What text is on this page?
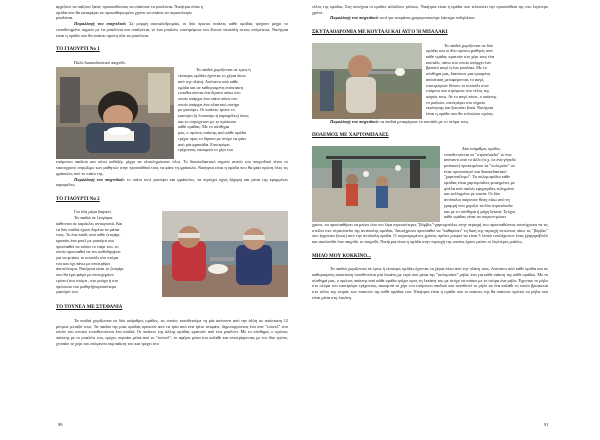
αρχίζουν να παίζουν ξανά, προσπαθώντας να σπάσουν τα μπαλόνια. Νικήτρια είναι η

ομάδα που θα καταφέρει σε προκαθορισμένο χρόνο να σπάσει τα περισσότερα

μπαλόνια.

Παραλλαγή του παιχνιδιού: Σε μορφή σκυταλοδρομίας, οι δύο πρώτοι παίκτες κάθε ομάδας τρέχουν μέχρι το τοποθετημένο σημείο με τα μπαλόνια και σπάζοντας το ένα μπαλόνι επιστρέφουν και δίνουν σκυτάλη στους επόμενους. Νικήτρια είναι η ομάδα που θα σπάσει πρώτη όλα τα μπαλόνια.

ΤΟ ΓΙΑΟΥΡΤΙ Νο 1

Πολύ διασκεδαστικό παιχνίδι.

Τα παιδιά χωρίζονται σε τρεις ή

τέσσερις ομάδες έχοντας το χέρια πίσω

από την πλάτη. Απέναντι από κάθε

ομάδα και σε καθορισμένη απόσταση

τοποθετούνται ένα δίρανο πάνω στο

οποίο υπάρχει ένα πιάτο πάνω στο

οποίο υπάρχει ένα πλαστικό ποτήρι

με γιαούρτι. Οι παίκτες τρώνε το

γιαούρτι (ή λουκούμι ή καραμέλες) όπως

και το σπρώχνουν με το πρόσωπο

κάθε ομάδας. Με το σύνθημα

μας, ο πρώτος παίκτης από κάθε ομάδα

τρέχει προς το δίρανο με στόχο να φάει

από μία φρασάδα. Επιστρέφει

τρέχοντας, ακουμπά το χέρι του

επόμενου παιδιού και ούτω καθεξής μέχρι να ολοκληρώσουν όλοι. Το διασκεδαστικό σημείο αυτού του παιχνιδιού είναι το ταυτόχρονο σπρώξιμο των μαθητών στην προσπάθειά τους να φάνε τη φράουλα. Νικήτρια είναι η ομάδα που θα φάει πρώτη όλες τις φράουλες από το πιάτο της.

Παραλλαγή του παιχνιδιού: το πιάτο αντί γιαούρτι και φράουλες, να περιέχει άχνη ζάχαρη και μέσα της κρυμμένες καραμέλες.

ΤΟ ΓΙΑΟΥΡΤΙ Νο 2

Για όλη μέρα διαρκεί.

Τα παιδιά σε ζευγάρια

κάθονται σε καρέκλες αντικριστά. Και

τα δύο παιδιά έχουν δεμένα τα μάτια

τους. Το ένα παιδί, από κάθε ζευγάρι,

κρατάει ένα μπολ με γιαούρτι και

προσπαθεί να ταΐσει το ταίρι του, το

οποίο προσπαθεί να τον καθοδηγήσει

για να φτάσει το κουτάλι στο στόμα

του και όχι πάνω με επιστρέψει

αποτέλεσμα. Νικήτρια είναι το ζευγάρι

που θα έχει φάγει με επιτυχημένο

τρόπο (στο στόμα , στο ρούχο ή στο

πρόσωπο του μαθητή)περισσότερο

γιαούρτι του.

ΤΟ ΤΟΥΝΕΛ ΜΕ ΣΤΕΦΑΝΙΑ

Τα παιδιά χωρίζονται σε δύο ισάριθμες ομάδες, τις οποίες τοποθετούμε τη μία απέναντι από την άλλη σε απόσταση 12 μέτρων μεταξύ τους. Τα παιδιά της μίας ομάδας κρατούν από τα τρία από ένα τρίτο στεφάνι, δημιουργώντας ένα σαν "τούνελ" στο οποίο του οποίου τοποθετούνται ένα παιδιά. Οι παίκτες της άλλης ομάδας κρατούν από ένα μπαλόνι. Με το σύνθημα, ο πρώτος παίκτης με το μπαλόνι του, τρέχει, περνάει μέσα από το "τούνελ", το αφήνει μέσα στο καλάθι και επιστρέφοντας με τον ίδιο τρόπο, χτυπάει το χέρι του επόμενου συμπαίκτη του και τρέχει στο

90

τέλος της ομάδας. Στη συνέχεια οι ομάδες αλλάζουν ρόλους. Νικήτρια είναι η ομάδα που τελειώνει την προσπάθειά της στο λιγότερο χρόνο.

Παραλλαγή του παιχνιδιού: αντί για στεφάνια χρησιμοποιούμε λάστιχα ποδηλάτου.

ΣΚΥΤΑΛΟΔΡΟΜΙΑ ΜΕ ΚΟΥΤΑΛΙ ΚΑΙ ΑΥΓΟ Ή ΜΠΑΛΑΚΙ

Τα παιδιά χωρίζονται σε δύο

ομάδες και οι δύο πρώτοι μαθητές από

κάθε ομάδα, κρατούν στο χέρι τους ένα

κουτάλι, πάνω στο οποίο υπάρχει ένα

βραστό αυγό ή ένα μπαλάκι. Με το

σύνθημα μας, διανύουν μια ορισμένη

απόσταση μεταφέροντας το αυγό,

επιστρέφουν δίνουν το κουτάλι στον

επόμενο και στρέφουν στο τέλος της

σειράς τους. Αν το αυγό πέσει, ο παίκτης

το μαζεύει, επιστρέφει στο σημείο

εκκίνησης και ξεκινάει ξανά. Νικήτρια

είναι η ομάδα που θα τελειώσει πρώτη.

Παραλλαγή του παιχνιδιού: τα παιδιά μεταφέρουν το κουτάλι με το στόμα τους.

ΠΟΛΕΜΟΣ ΜΕ ΧΑΡΤΟΜΠΑΛΕΣ

Δύο ισάριθμες ομάδες

τοποθετούνται σε "στρατόπεδα" το ένα

απέναντι από το άλλο (π.χ. σε ένα γήπεδο

μπάσκετ) προκειμένου να "πολεμούν" σε

έναν προσποιητό και διασκεδαστικό

"χαρτοπόλεμο". Τα πολεμοφόδια κάθε

ομάδας είναι χαρτομπάλες φτιαγμένες με

φύλλα από παλιές εφημερίδες τυλιγμένα

και κολλημένα με ταινία. Οι δύο

αντίπαλοι παίρνουν θέση πίσω από τη

γραμμή που χωρίζει τα δύο στρατόπεδα

και με το σύνθημα ή μάχη ξεκινά. Στόχος

κάθε ομάδας είναι να συγκεντρώσει

χρόνο, να προσπαθήσει να μείνει όσο πιο λίγα περισσότερες "βόμβες"-χαρτομπάλες στην περιοχή του προσπαθώντας ταυτόχρονα να τις στείλει στο στρατόπεδο της αντίπαλης ομάδας. Ταυτόχρονα προσπαθεί να "καθαρίσει" τη δική της περιοχή πετώντας πίσω τις "βόμβες" που έρχονται (ίσως) από την αντίπαλη ομάδα. Ο συγκεκριμένος χρόνος πρέπει μπορεί να είναι 5 λεπτά τουλάχιστον ένας γρηγορόβολό και ακολουθεί ένα παιχνίδι το παιχνίδι. Νικήτρια είναι η ομάδα στην περιοχή της οποίας έχουν μείνει οι λιγότερες μπάλες.

ΜΗΛΟ ΜΟΥ ΚΟΚΚΙΝΟ...

Τα παιδιά χωρίζονται σε τρεις ή τέσσερις ομάδες έχοντας τα χέρια πίσω από την πλάτη τους. Απέναντι από κάθε ομάδα και σε καθορισμένη απόσταση τοποθετείται μία λεκάνη με νερό που μέσα της "κολυμπάνε" μήλα, ένα για κάθε παίκτη της κάθε ομάδας. Με το σύνθημά μας, ο πρώτος παίκτης από κάθε ομάδα τρέχει προς τη λεκάνη του με στόχο να πιάσει με το στόμα ένα μήλο. Έχοντας το μήλο στο στόμα του επιστρέφει τρέχοντας, ακουμπά το χέρι του επόμενου παιδιού και τοποθετεί το μήλο σε ένα καλάθι το οποίο βρίσκεται στο τέλος της σειράς των παικτών της κάθε ομάδας του. Νικήτρια είναι η ομάδα που οι παίκτες της θα πιάσουν πρώτοι τα μήλα που είναι μέσα στη λεκάνη.

91
